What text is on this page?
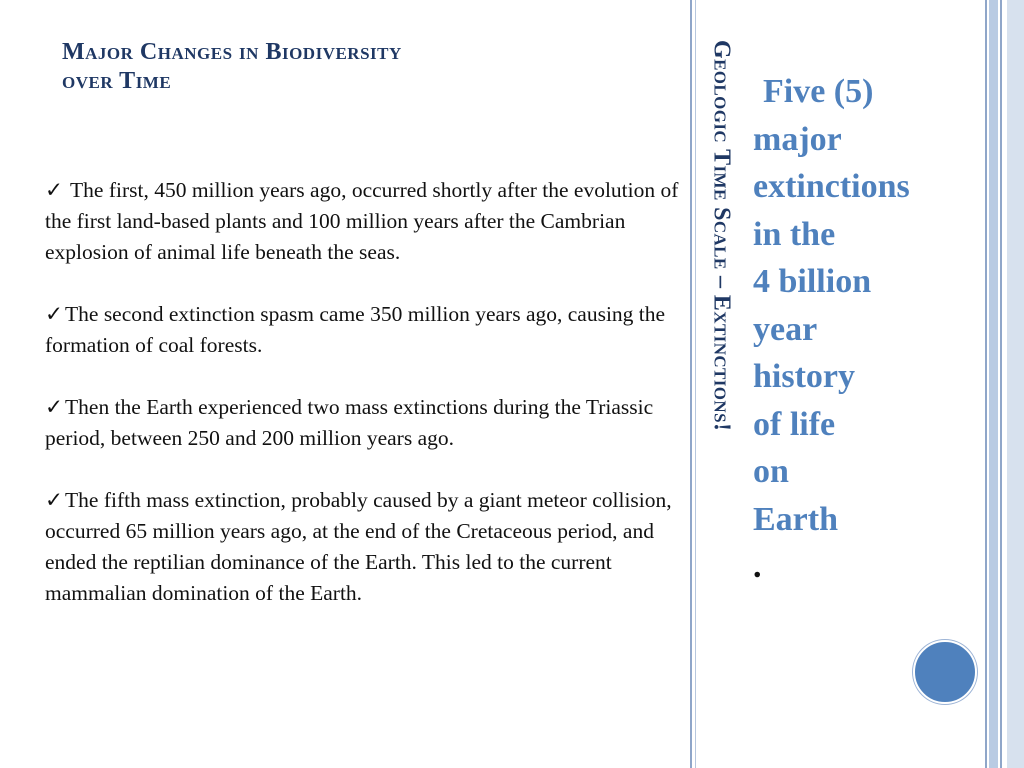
Major Changes in Biodiversity
over Time
✓ The first, 450 million years ago, occurred shortly after the evolution of the first land-based plants and 100 million years after the Cambrian explosion of animal life beneath the seas.
✓The second extinction spasm came 350 million years ago, causing the formation of coal forests.
✓Then the Earth experienced two mass extinctions during the Triassic period, between 250 and 200 million years ago.
✓The fifth mass extinction, probably caused by a giant meteor collision, occurred 65 million years ago, at the end of the Cretaceous period, and ended the reptilian dominance of the Earth. This led to the current mammalian domination of the Earth.
Geologic Time Scale – Extinctions! Five (5)
major
extinctions
in the
4 billion
year
history
of life
on
Earth
.
